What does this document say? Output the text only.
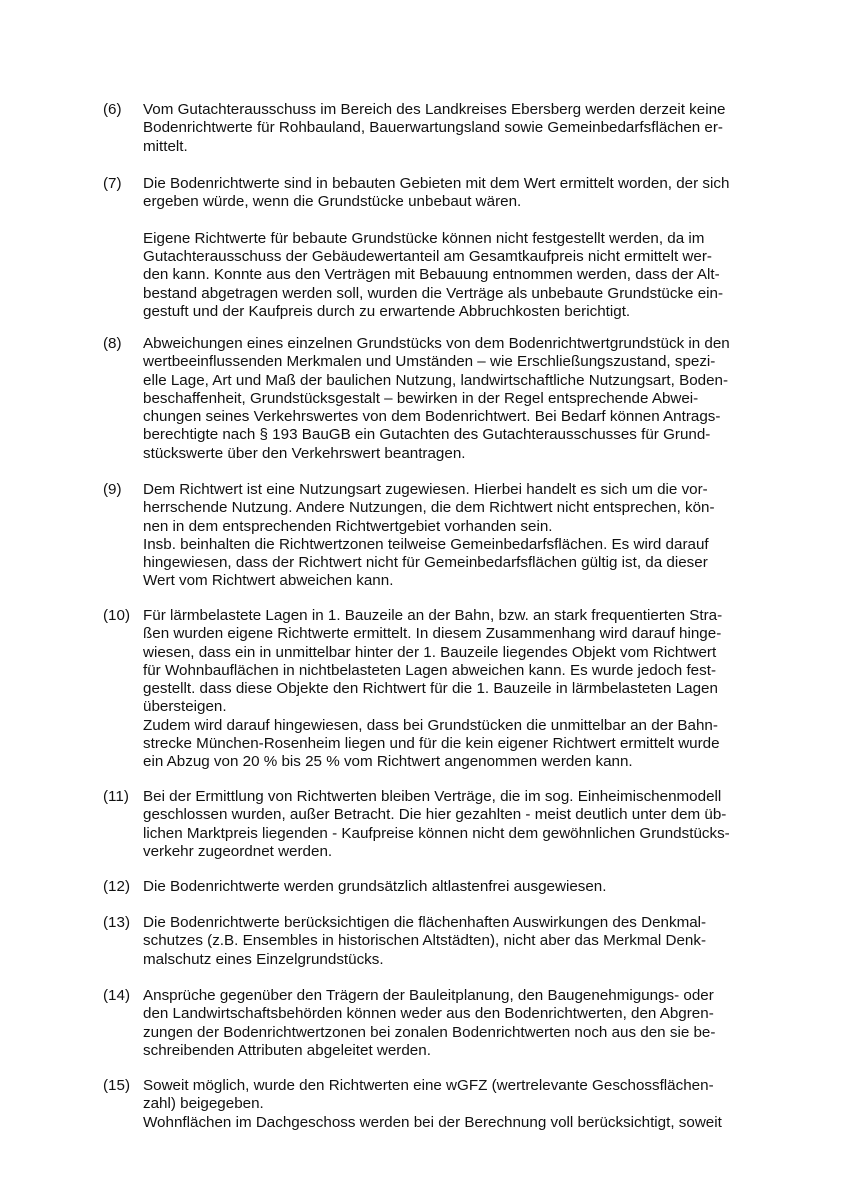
(6)	Vom Gutachterausschuss im Bereich des Landkreises Ebersberg werden derzeit keine
Bodenrichtwerte für Rohbauland, Bauerwartungsland sowie Gemeinbedarfsflächen er-
mittelt.
(7)	Die Bodenrichtwerte sind in bebauten Gebieten mit dem Wert ermittelt worden, der sich
ergeben würde, wenn die Grundstücke unbebaut wären.
Eigene Richtwerte für bebaute Grundstücke können nicht festgestellt werden, da im
Gutachterausschuss der Gebäudewertanteil am Gesamtkaufpreis nicht ermittelt wer-
den kann. Konnte aus den Verträgen mit Bebauung entnommen werden, dass der Alt-
bestand abgetragen werden soll, wurden die Verträge als unbebaute Grundstücke ein-
gestuft und der Kaufpreis durch zu erwartende Abbruchkosten berichtigt.
(8)	Abweichungen eines einzelnen Grundstücks von dem Bodenrichtwertgrundstück in den
wertbeeinflussenden Merkmalen und Umständen – wie Erschließungszustand, spezi-
elle Lage, Art und Maß der baulichen Nutzung, landwirtschaftliche Nutzungsart, Boden-
beschaffenheit, Grundstücksgestalt – bewirken in der Regel entsprechende Abwei-
chungen seines Verkehrswertes von dem Bodenrichtwert. Bei Bedarf können Antrags-
berechtigte nach § 193 BauGB ein Gutachten des Gutachterausschusses für Grund-
stückswerte über den Verkehrswert beantragen.
(9)	Dem Richtwert ist eine Nutzungsart zugewiesen. Hierbei handelt es sich um die vor-
herrschende Nutzung. Andere Nutzungen, die dem Richtwert nicht entsprechen, kön-
nen in dem entsprechenden Richtwertgebiet vorhanden sein.
Insb. beinhalten die Richtwertzonen teilweise Gemeinbedarfsflächen. Es wird darauf
hingewiesen, dass der Richtwert nicht für Gemeinbedarfsflächen gültig ist, da dieser
Wert vom Richtwert abweichen kann.
(10) Für lärmbelastete Lagen in 1. Bauzeile an der Bahn, bzw. an stark frequentierten Stra-
ßen wurden eigene Richtwerte ermittelt. In diesem Zusammenhang wird darauf hinge-
wiesen, dass ein in unmittelbar hinter der 1. Bauzeile liegendes Objekt vom Richtwert
für Wohnbauflächen in nichtbelasteten Lagen abweichen kann. Es wurde jedoch fest-
gestellt. dass diese Objekte den Richtwert für die 1. Bauzeile in lärmbelasteten Lagen
übersteigen.
Zudem wird darauf hingewiesen, dass bei Grundstücken die unmittelbar an der Bahn-
strecke München-Rosenheim liegen und für die kein eigener Richtwert ermittelt wurde
ein Abzug von 20 % bis 25 % vom Richtwert angenommen werden kann.
(11) Bei der Ermittlung von Richtwerten bleiben Verträge, die im sog. Einheimischenmodell
geschlossen wurden, außer Betracht. Die hier gezahlten - meist deutlich unter dem üb-
lichen Marktpreis liegenden - Kaufpreise können nicht dem gewöhnlichen Grundstücks-
verkehr zugeordnet werden.
(12) Die Bodenrichtwerte werden grundsätzlich altlastenfrei ausgewiesen.
(13) Die Bodenrichtwerte berücksichtigen die flächenhaften Auswirkungen des Denkmal-
schutzes (z.B. Ensembles in historischen Altstädten), nicht aber das Merkmal Denk-
malschutz eines Einzelgrundstücks.
(14) Ansprüche gegenüber den Trägern der Bauleitplanung, den Baugenehmigungs- oder
den Landwirtschaftsbehörden können weder aus den Bodenrichtwerten, den Abgren-
zungen der Bodenrichtwertzonen bei zonalen Bodenrichtwerten noch aus den sie be-
schreibenden Attributen abgeleitet werden.
(15) Soweit möglich, wurde den Richtwerten eine wGFZ (wertrelevante Geschossflächen-
zahl) beigegeben.
Wohnflächen im Dachgeschoss werden bei der Berechnung voll berücksichtigt, soweit
